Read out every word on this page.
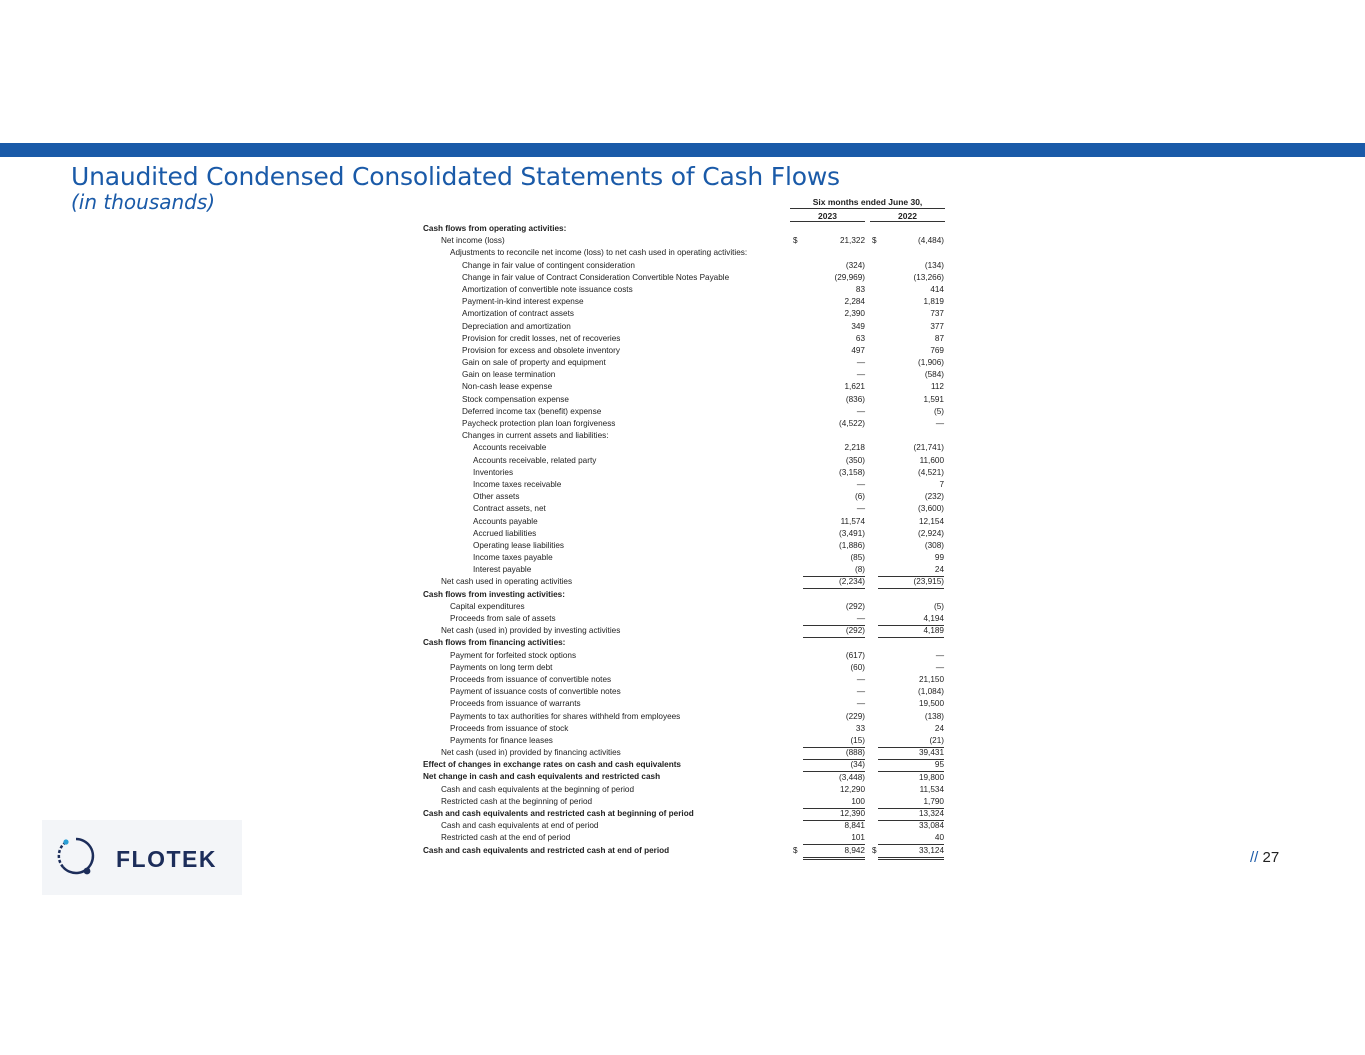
Unaudited Condensed Consolidated Statements of Cash Flows
(in thousands)	Six months ended June 30,
2023	2022
Cash flows from operating activities:
Net income (loss)	$	21,322 $	(4,484)
Adjustments to reconcile net income (loss) to net cash used in operating activities:
Change in fair value of contingent consideration	(324)	(134)
Change in fair value of Contract Consideration Convertible Notes Payable	(29,969)	(13,266)
Amortization of convertible note issuance costs	83	414
Payment-in-kind interest expense	2,284	1,819
Amortization of contract assets	2,390	737
Depreciation and amortization	349	377
Provision for credit losses, net of recoveries	63	87
Provision for excess and obsolete inventory	497	769
Gain on sale of property and equipment	—	(1,906)
Gain on lease termination	—	(584)
Non-cash lease expense	1,621	112
Stock compensation expense	(836)	1,591
Deferred income tax (benefit) expense	—	(5)
Paycheck protection plan loan forgiveness	(4,522)	—
Changes in current assets and liabilities:
Accounts receivable	2,218	(21,741)
Accounts receivable, related party	(350)	11,600
Inventories	(3,158)	(4,521)
Income taxes receivable	—	7
Other assets	(6)	(232)
Contract assets, net	—	(3,600)
Accounts payable	11,574	12,154
Accrued liabilities	(3,491)	(2,924)
Operating lease liabilities	(1,886)	(308)
Income taxes payable	(85)	99
Interest payable	(8)	24
Net cash used in operating activities	(2,234)	(23,915)
Cash flows from investing activities:
Capital expenditures	(292)	(5)
Proceeds from sale of assets	—	4,194
Net cash (used in) provided by investing activities	(292)	4,189
Cash flows from financing activities:
Payment for forfeited stock options	(617)	—
Payments on long term debt	(60)	—
Proceeds from issuance of convertible notes	—	21,150
Payment of issuance costs of convertible notes	—	(1,084)
Proceeds from issuance of warrants	—	19,500
Payments to tax authorities for shares withheld from employees	(229)	(138)
Proceeds from issuance of stock	33	24
Payments for finance leases	(15)	(21)
Net cash (used in) provided by financing activities	(888)	39,431
Effect of changes in exchange rates on cash and cash equivalents	(34)	95
Net change in cash and cash equivalents and restricted cash	(3,448)	19,800
Cash and cash equivalents at the beginning of period	12,290	11,534
Restricted cash at the beginning of period	100	1,790
Cash and cash equivalents and restricted cash at beginning of period	12,390	13,324
Cash and cash equivalents at end of period	8,841	33,084
Restricted cash at the end of period	101	40
Cash and cash equivalents and restricted cash at end of period	$	8,942 $	33,124
FLOTEK	// 27
